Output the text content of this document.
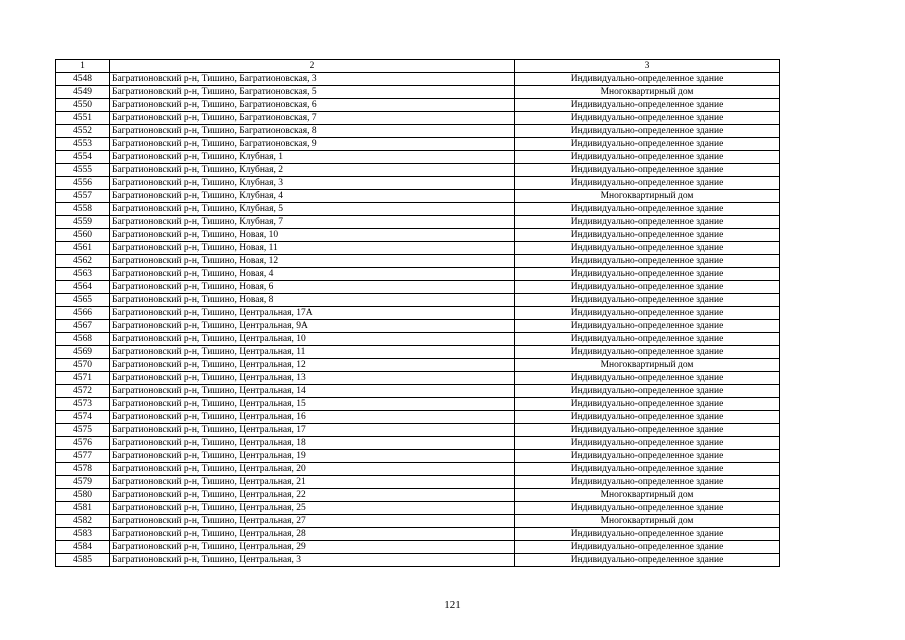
1	2	3
4548	Багратионовский р-н, Тишино, Багратионовская, 3	Индивидуально-определенное здание
4549	Багратионовский р-н, Тишино, Багратионовская, 5	Многоквартирный дом
4550	Багратионовский р-н, Тишино, Багратионовская, 6	Индивидуально-определенное здание
4551	Багратионовский р-н, Тишино, Багратионовская, 7	Индивидуально-определенное здание
4552	Багратионовский р-н, Тишино, Багратионовская, 8	Индивидуально-определенное здание
4553	Багратионовский р-н, Тишино, Багратионовская, 9	Индивидуально-определенное здание
4554	Багратионовский р-н, Тишино, Клубная, 1	Индивидуально-определенное здание
4555	Багратионовский р-н, Тишино, Клубная, 2	Индивидуально-определенное здание
4556	Багратионовский р-н, Тишино, Клубная, 3	Индивидуально-определенное здание
4557	Багратионовский р-н, Тишино, Клубная, 4	Многоквартирный дом
4558	Багратионовский р-н, Тишино, Клубная, 5	Индивидуально-определенное здание
4559	Багратионовский р-н, Тишино, Клубная, 7	Индивидуально-определенное здание
4560	Багратионовский р-н, Тишино, Новая, 10	Индивидуально-определенное здание
4561	Багратионовский р-н, Тишино, Новая, 11	Индивидуально-определенное здание
4562	Багратионовский р-н, Тишино, Новая, 12	Индивидуально-определенное здание
4563	Багратионовский р-н, Тишино, Новая, 4	Индивидуально-определенное здание
4564	Багратионовский р-н, Тишино, Новая, 6	Индивидуально-определенное здание
4565	Багратионовский р-н, Тишино, Новая, 8	Индивидуально-определенное здание
4566	Багратионовский р-н, Тишино, Центральная, 17А	Индивидуально-определенное здание
4567	Багратионовский р-н, Тишино, Центральная, 9А	Индивидуально-определенное здание
4568	Багратионовский р-н, Тишино, Центральная, 10	Индивидуально-определенное здание
4569	Багратионовский р-н, Тишино, Центральная, 11	Индивидуально-определенное здание
4570	Багратионовский р-н, Тишино, Центральная, 12	Многоквартирный дом
4571	Багратионовский р-н, Тишино, Центральная, 13	Индивидуально-определенное здание
4572	Багратионовский р-н, Тишино, Центральная, 14	Индивидуально-определенное здание
4573	Багратионовский р-н, Тишино, Центральная, 15	Индивидуально-определенное здание
4574	Багратионовский р-н, Тишино, Центральная, 16	Индивидуально-определенное здание
4575	Багратионовский р-н, Тишино, Центральная, 17	Индивидуально-определенное здание
4576	Багратионовский р-н, Тишино, Центральная, 18	Индивидуально-определенное здание
4577	Багратионовский р-н, Тишино, Центральная, 19	Индивидуально-определенное здание
4578	Багратионовский р-н, Тишино, Центральная, 20	Индивидуально-определенное здание
4579	Багратионовский р-н, Тишино, Центральная, 21	Индивидуально-определенное здание
4580	Багратионовский р-н, Тишино, Центральная, 22	Многоквартирный дом
4581	Багратионовский р-н, Тишино, Центральная, 25	Индивидуально-определенное здание
4582	Багратионовский р-н, Тишино, Центральная, 27	Многоквартирный дом
4583	Багратионовский р-н, Тишино, Центральная, 28	Индивидуально-определенное здание
4584	Багратионовский р-н, Тишино, Центральная, 29	Индивидуально-определенное здание
4585	Багратионовский р-н, Тишино, Центральная, 3	Индивидуально-определенное здание
121
